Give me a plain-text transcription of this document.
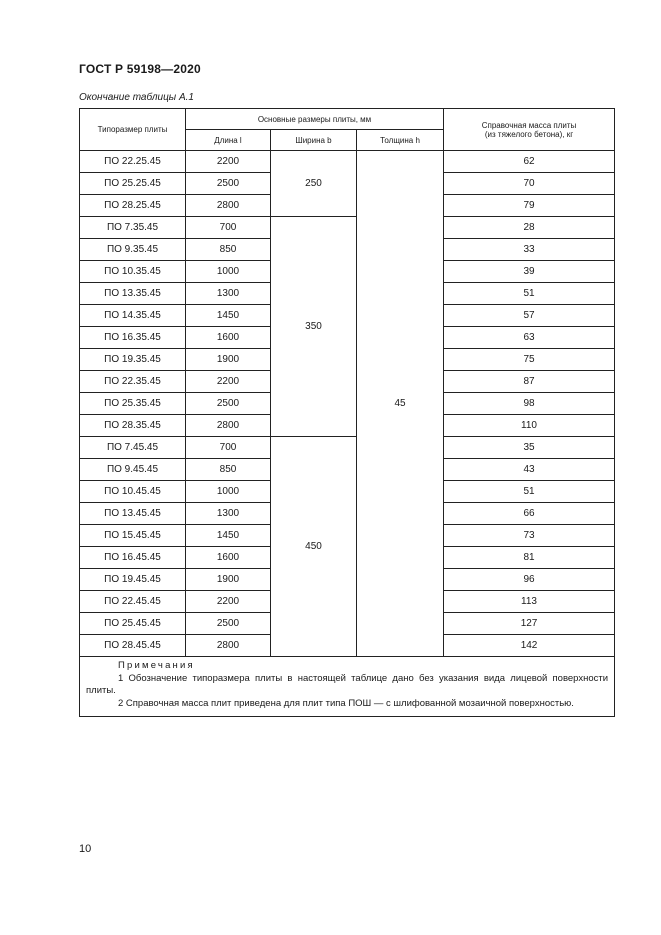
ГОСТ Р 59198—2020
Окончание таблицы А.1
Типоразмер плиты	Основные размеры плиты, мм			Справочная масса плиты
(из тяжелого бетона), кг
	Длина l	Ширина b	Толщина h	
ПО 22.25.45	2200	250	45	62
ПО 25.25.45	2500			70
ПО 28.25.45	2800			79
ПО 7.35.45	700	350		28
ПО 9.35.45	850			33
ПО 10.35.45	1000			39
ПО 13.35.45	1300			51
ПО 14.35.45	1450			57
ПО 16.35.45	1600			63
ПО 19.35.45	1900			75
ПО 22.35.45	2200			87
ПО 25.35.45	2500			98
ПО 28.35.45	2800			110
ПО 7.45.45	700	450		35
ПО 9.45.45	850			43
ПО 10.45.45	1000			51
ПО 13.45.45	1300			66
ПО 15.45.45	1450			73
ПО 16.45.45	1600			81
ПО 19.45.45	1900			96
ПО 22.45.45	2200			113
ПО 25.45.45	2500			127
ПО 28.45.45	2800			142

Примечания
1 Обозначение типоразмера плиты в настоящей таблице дано без указания вида лицевой поверхности плиты.
2 Справочная масса плит приведена для плит типа ПОШ — с шлифованной мозаичной поверхностью.				
10
